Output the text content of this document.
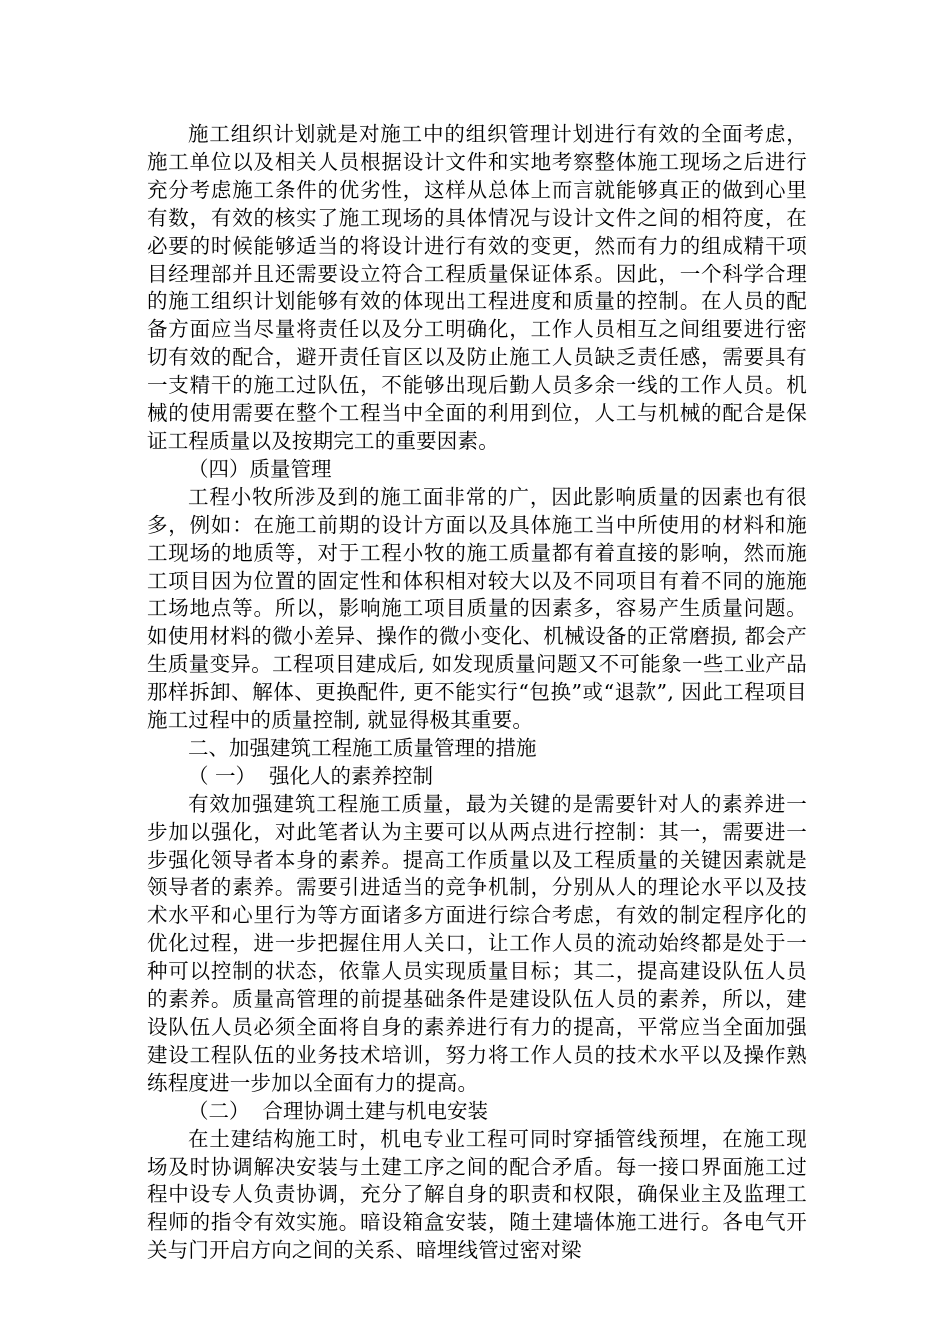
施工组织计划就是对施工中的组织管理计划进行有效的全面考虑，施工单位以及相关人员根据设计文件和实地考察整体施工现场之后进行充分考虑施工条件的优劣性，这样从总体上而言就能够真正的做到心里有数，有效的核实了施工现场的具体情况与设计文件之间的相符度，在必要的时候能够适当的将设计进行有效的变更，然而有力的组成精干项目经理部并且还需要设立符合工程质量保证体系。因此，一个科学合理的施工组织计划能够有效的体现出工程进度和质量的控制。在人员的配备方面应当尽量将责任以及分工明确化，工作人员相互之间组要进行密切有效的配合，避开责任盲区以及防止施工人员缺乏责任感，需要具有一支精干的施工过队伍，不能够出现后勤人员多余一线的工作人员。机械的使用需要在整个工程当中全面的利用到位，人工与机械的配合是保证工程质量以及按期完工的重要因素。

（四）质量管理

工程小牧所涉及到的施工面非常的广，因此影响质量的因素也有很多，例如：在施工前期的设计方面以及具体施工当中所使用的材料和施工现场的地质等，对于工程小牧的施工质量都有着直接的影响，然而施工项目因为位置的固定性和体积相对较大以及不同项目有着不同的施施工场地点等。所以，影响施工项目质量的因素多，容易产生质量问题。如使用材料的微小差异、操作的微小变化、机械设备的正常磨损, 都会产生质量变异。工程项目建成后, 如发现质量问题又不可能象一些工业产品那样拆卸、解体、更换配件, 更不能实行“包换”或“退款”, 因此工程项目施工过程中的质量控制, 就显得极其重要。

二、加强建筑工程施工质量管理的措施

（ 一）  强化人的素养控制

有效加强建筑工程施工质量，最为关键的是需要针对人的素养进一步加以强化，对此笔者认为主要可以从两点进行控制：其一，需要进一步强化领导者本身的素养。提高工作质量以及工程质量的关键因素就是领导者的素养。需要引进适当的竞争机制，分别从人的理论水平以及技术水平和心里行为等方面诸多方面进行综合考虑，有效的制定程序化的优化过程，进一步把握住用人关口，让工作人员的流动始终都是处于一种可以控制的状态，依靠人员实现质量目标；其二，提高建设队伍人员的素养。质量高管理的前提基础条件是建设队伍人员的素养，所以，建设队伍人员必须全面将自身的素养进行有力的提高，平常应当全面加强建设工程队伍的业务技术培训，努力将工作人员的技术水平以及操作熟练程度进一步加以全面有力的提高。

（二）  合理协调土建与机电安装

在土建结构施工时，机电专业工程可同时穿插管线预埋，在施工现场及时协调解决安装与土建工序之间的配合矛盾。每一接口界面施工过程中设专人负责协调，充分了解自身的职责和权限，确保业主及监理工程师的指令有效实施。暗设箱盒安装，随土建墙体施工进行。各电气开关与门开启方向之间的关系、暗埋线管过密对梁
